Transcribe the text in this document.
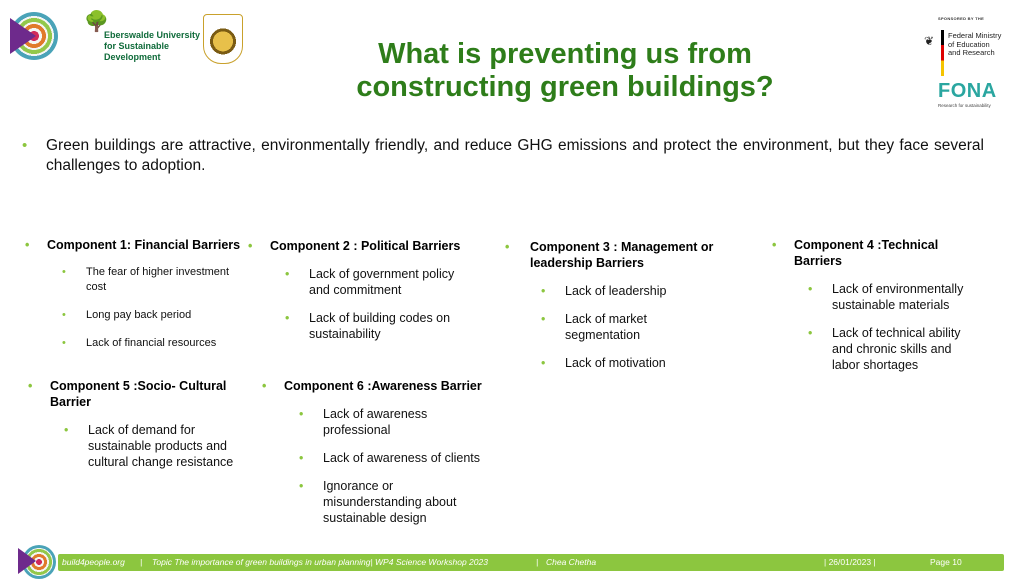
🌳
Eberswalde University
for Sustainable
Development
SPONSORED BY THE
❦ Federal Ministry
of Education
and Research
FONA
Research for sustainability
What is preventing us from
constructing green buildings?
• Green buildings are attractive, environmentally friendly, and reduce GHG emissions and protect the environment, but they face several challenges to adoption.
• Component 1: Financial Barriers
• The fear of higher investment cost
• Long pay back period
• Lack of financial resources
• Component 2 : Political Barriers
• Lack of government policy and commitment
• Lack of building codes on sustainability
• Component 3 : Management or leadership Barriers
• Lack of leadership
• Lack of market segmentation
• Lack of motivation
• Component 4 :Technical Barriers
• Lack of environmentally sustainable materials
• Lack of technical ability and chronic skills and labor shortages
• Component 5 :Socio- Cultural Barrier
• Lack of demand for sustainable products and cultural change resistance
• Component 6 :Awareness Barrier
• Lack of awareness professional
• Lack of awareness of clients
• Ignorance or misunderstanding about sustainable design
build4people.org | Topic The importance of green buildings in urban planning| WP4 Science Workshop 2023	| Chea Chetha	| 26/01/2023 |	Page 10
